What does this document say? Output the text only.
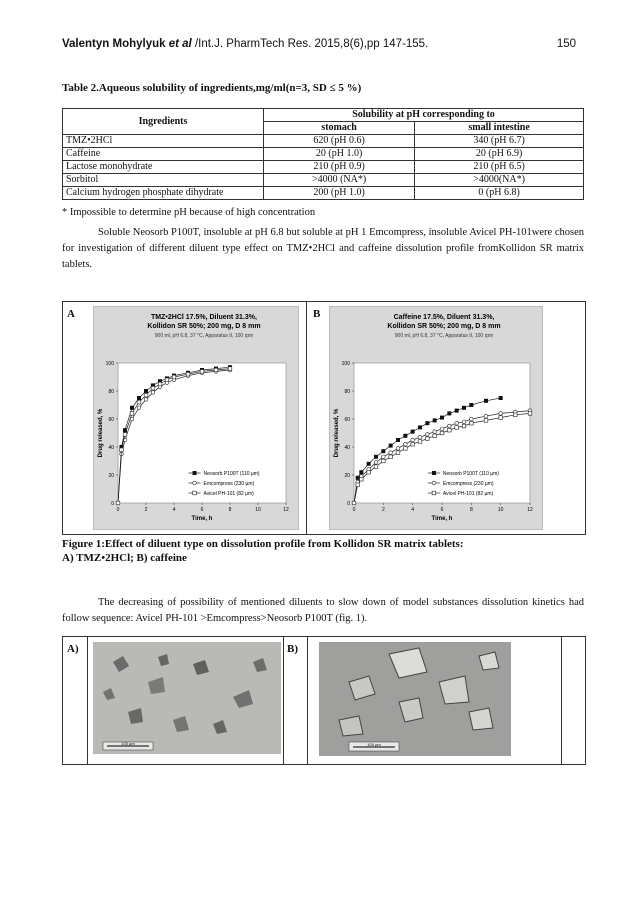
Valentyn Mohylyuk et al /Int.J. PharmTech Res. 2015,8(6),pp 147-155.	150
Table 2.Aqueous solubility of ingredients,mg/ml(n=3, SD ≤ 5 %)
Ingredients	Solubility at pH corresponding to	
	stomach	small intestine
TMZ•2HCl	620 (pH 0.6)	340 (pH 6.7)
Caffeine	20 (pH 1.0)	20 (pH 6.9)
Lactose monohydrate	210 (pH 0.9)	210 (pH 6.5)
Sorbitol	>4000 (NA*)	>4000(NA*)
Calcium hydrogen phosphate dihydrate	200 (pH 1.0)	0 (pH 6.8)
* Impossible to determine pH because of high concentration
Soluble Neosorb P100T, insoluble at pH 6.8 but soluble at pH 1 Emcompress, insoluble Avicel PH-101were chosen for investigation of different diluent type effect on TMZ•2HCl and caffeine dissolution profile fromKollidon SR matrix tablets.
A	B
TMZ•2HCl 17.5%, Diluent 31.3%,
Kollidon SR 50%; 200 mg, D 8 mm
900 ml, pH 6.8, 37 °C, Apparatus II, 100 rpm
0
20
40
60
80
100
0	2	4	6	8	10	12
Time, h
Drug released, %
Neosorb P100T (110 µm)
Emcompress (230 µm)
Avicel PH-101 (82 µm)
Caffeine 17.5%, Diluent 31.3%,
Kollidon SR 50%; 200 mg, D 8 mm
900 ml, pH 6.8, 37 °C, Apparatus II, 100 rpm
0
20
40
60
80
100
0	2	4	6	8	10	12
Time, h
Drug released, %
Neosorb P100T (110 µm)
Emcompress (230 µm)
Avicel PH-101 (82 µm)
Figure 1:Effect of diluent type on dissolution profile from Kollidon SR matrix tablets:
A) TMZ•2HCl; B) caffeine
The decreasing of possibility of mentioned diluents to slow down of model substances dissolution kinetics had follow sequence: Avicel PH-101 >Emcompress>Neosorb P100T (fig. 1).
A)
100 µm
B)
100 µm
